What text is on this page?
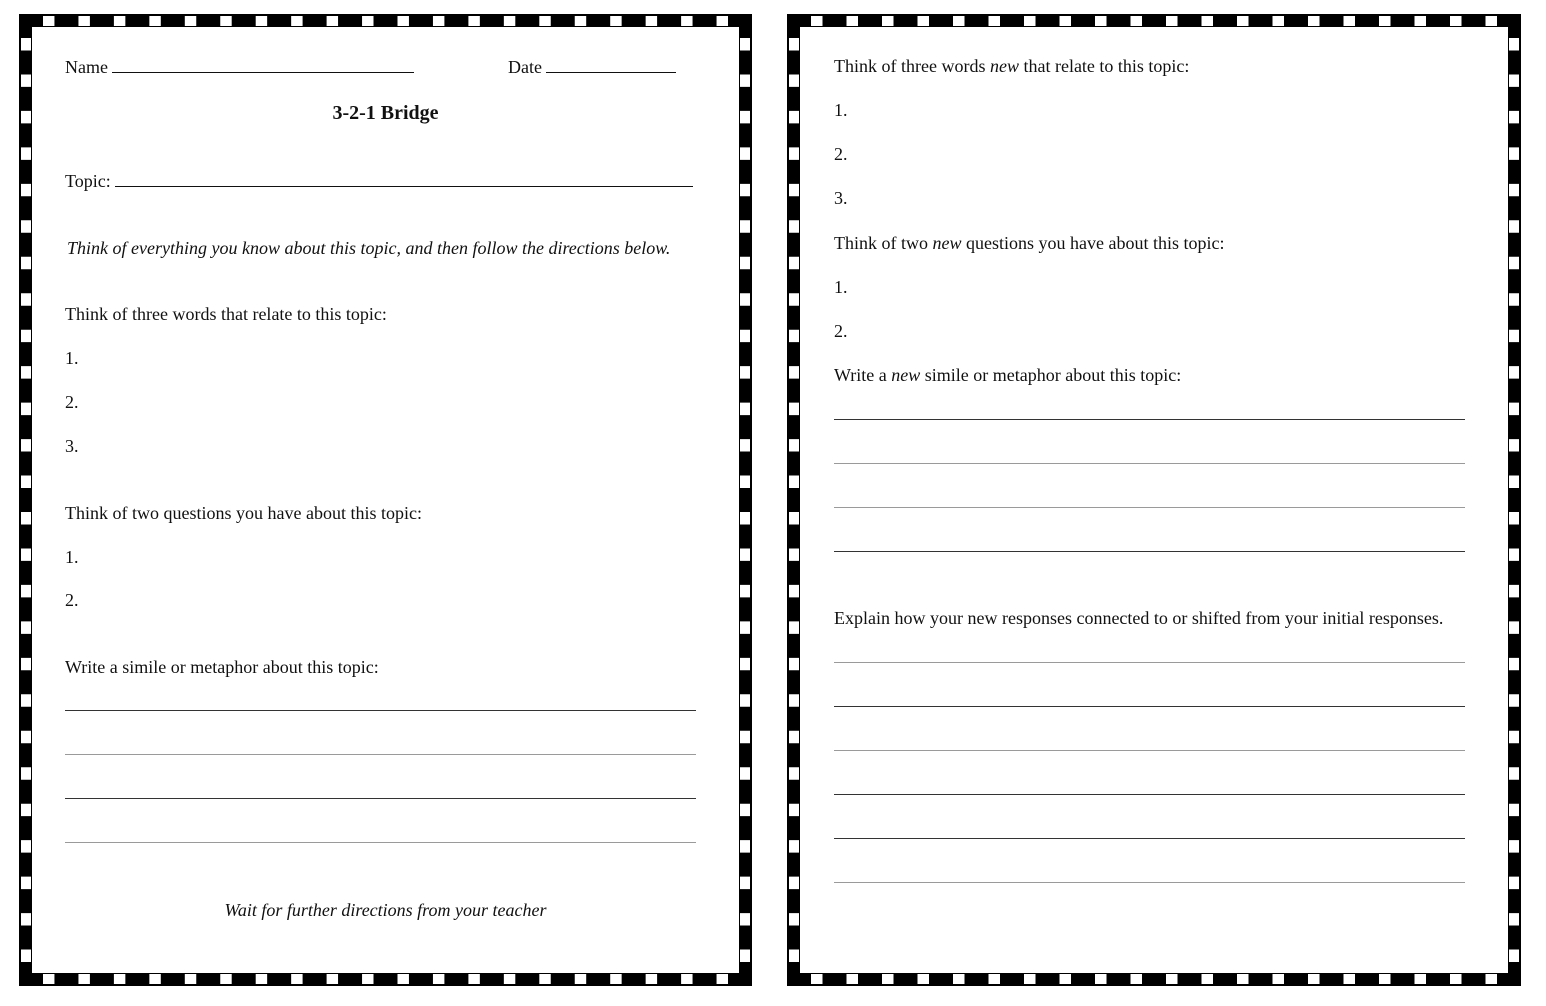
Name	Date

3-2-1 Bridge

Topic:

Think of everything you know about this topic, and then follow the directions below.

Think of three words that relate to this topic:

1.

2.

3.

Think of two questions you have about this topic:

1.

2.

Write a simile or metaphor about this topic:

Wait for further directions from your teacher

Think of three words new that relate to this topic:

1.

2.

3.

Think of two new questions you have about this topic:

1.

2.

Write a new simile or metaphor about this topic:

Explain how your new responses connected to or shifted from your initial responses.
